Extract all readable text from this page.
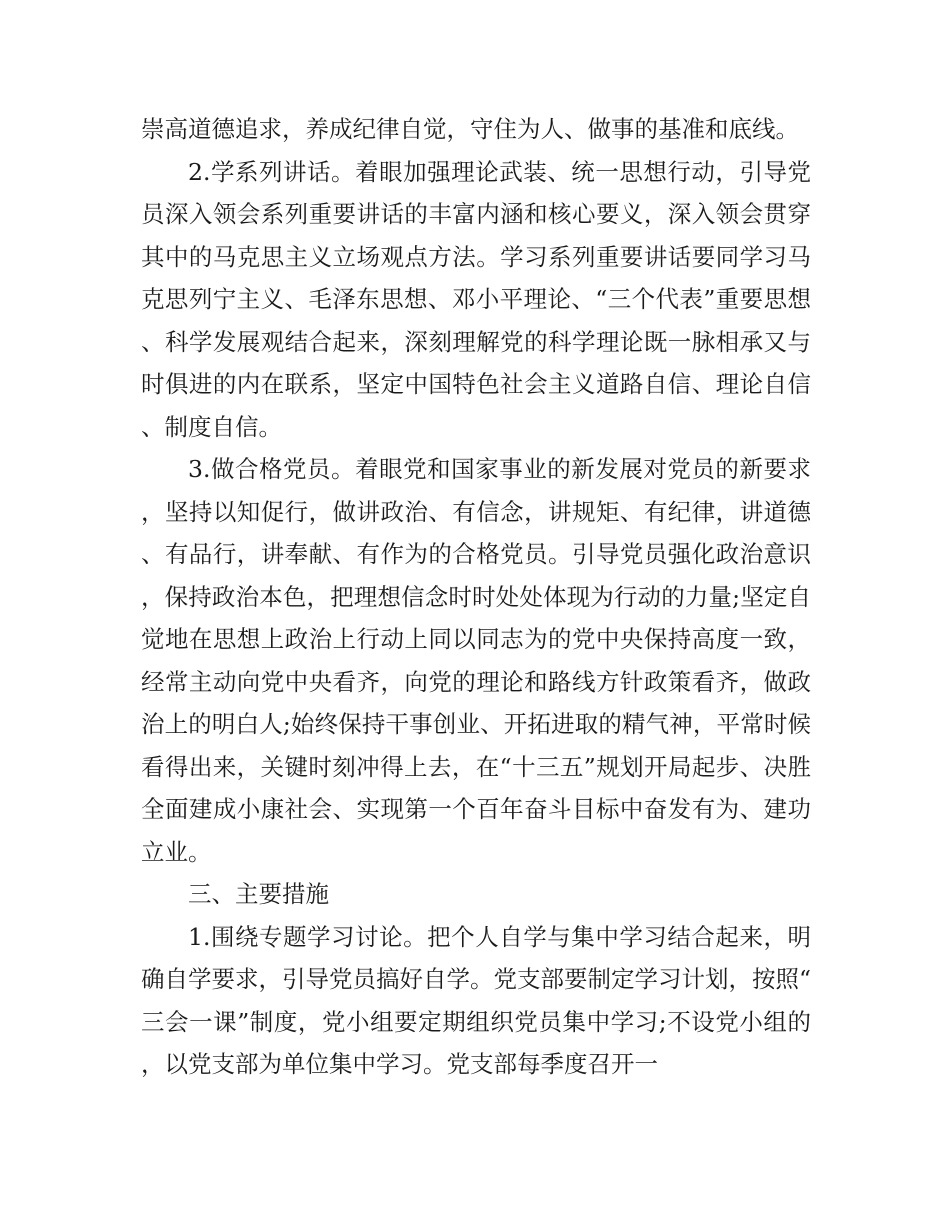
崇高道德追求，养成纪律自觉，守住为人、做事的基准和底线。

2.学系列讲话。着眼加强理论武装、统一思想行动，引导党员深入领会系列重要讲话的丰富内涵和核心要义，深入领会贯穿其中的马克思主义立场观点方法。学习系列重要讲话要同学习马克思列宁主义、毛泽东思想、邓小平理论、“三个代表”重要思想、科学发展观结合起来，深刻理解党的科学理论既一脉相承又与时俱进的内在联系，坚定中国特色社会主义道路自信、理论自信、制度自信。

3.做合格党员。着眼党和国家事业的新发展对党员的新要求，坚持以知促行，做讲政治、有信念，讲规矩、有纪律，讲道德、有品行，讲奉献、有作为的合格党员。引导党员强化政治意识，保持政治本色，把理想信念时时处处体现为行动的力量;坚定自觉地在思想上政治上行动上同以同志为的党中央保持高度一致，经常主动向党中央看齐，向党的理论和路线方针政策看齐，做政治上的明白人;始终保持干事创业、开拓进取的精气神，平常时候看得出来，关键时刻冲得上去，在“十三五”规划开局起步、决胜全面建成小康社会、实现第一个百年奋斗目标中奋发有为、建功立业。

三、主要措施

1.围绕专题学习讨论。把个人自学与集中学习结合起来，明确自学要求，引导党员搞好自学。党支部要制定学习计划，按照“三会一课”制度，党小组要定期组织党员集中学习;不设党小组的，以党支部为单位集中学习。党支部每季度召开一
